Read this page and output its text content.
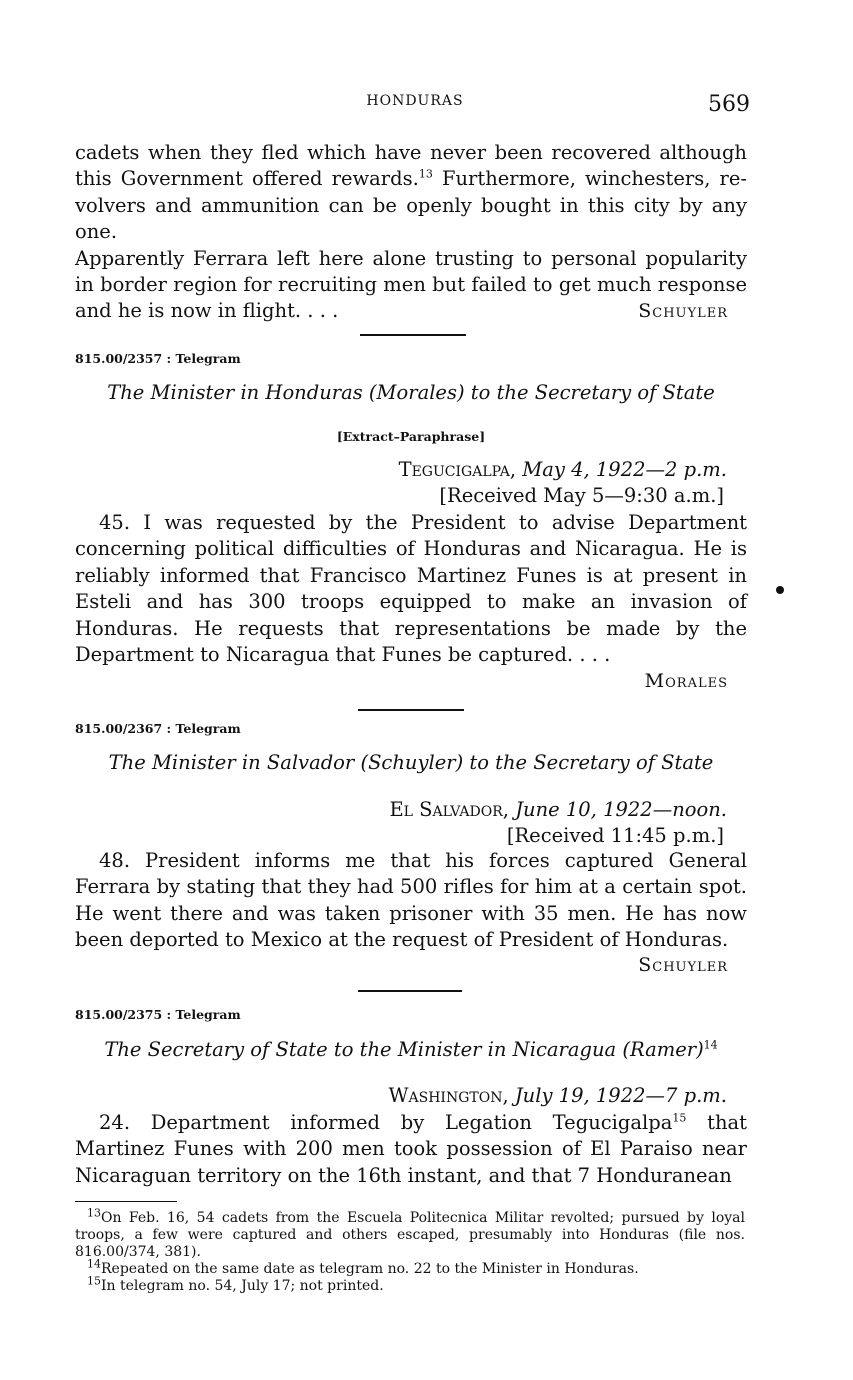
HONDURAS	569

cadets when they fled which have never been recovered although

this Government offered rewards.$^{13}$ Furthermore, winchesters, re-

volvers and ammunition can be openly bought in this city by any one.

Apparently Ferrara left here alone trusting to personal popularity

in border region for recruiting men but failed to get much response

and he is now in flight. . . .	Schuyler
815.00/2357 : Telegram
The Minister in Honduras (Morales) to the Secretary of State
[Extract–Paraphrase]
Tegucigalpa, May 4, 1922—2 p.m.
[Received May 5—9:30 a.m.]
45. I was requested by the President to advise Department concerning political difficulties of Honduras and Nicaragua. He is reliably informed that Francisco Martinez Funes is at present in Esteli and has 300 troops equipped to make an invasion of Honduras. He requests that representations be made by the Department to Nicaragua that Funes be captured. . . .
Morales
815.00/2367 : Telegram
The Minister in Salvador (Schuyler) to the Secretary of State
El Salvador, June 10, 1922—noon.
[Received 11:45 p.m.]
48. President informs me that his forces captured General Ferrara by stating that they had 500 rifles for him at a certain spot. He went there and was taken prisoner with 35 men. He has now been deported to Mexico at the request of President of Honduras.
Schuyler
815.00/2375 : Telegram
The Secretary of State to the Minister in Nicaragua (Ramer)$^{14}$
Washington, July 19, 1922—7 p.m.
24. Department informed by Legation Tegucigalpa$^{15}$ that Martinez Funes with 200 men took possession of El Paraiso near Nicaraguan territory on the 16th instant, and that 7 Honduranean

$^{13}$On Feb. 16, 54 cadets from the Escuela Politecnica Militar revolted; pursued by loyal troops, a few were captured and others escaped, presumably into Honduras (file nos. 816.00/374, 381).

$^{14}$Repeated on the same date as telegram no. 22 to the Minister in Honduras.

$^{15}$In telegram no. 54, July 17; not printed.
